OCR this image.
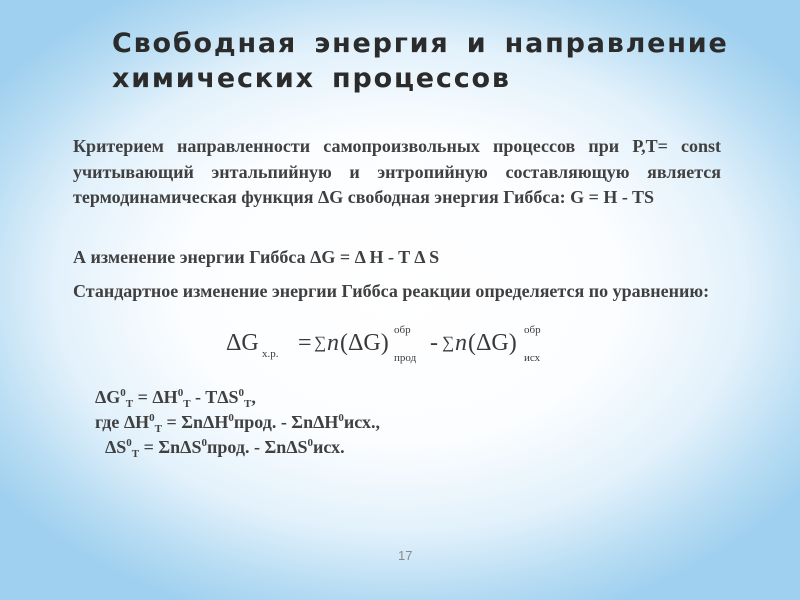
Свободная энергия и направление химических процессов

Критерием направленности самопроизвольных процессов при Р,Т= const учитывающий энтальпийную и энтропийную составляющую является термодинамическая функция ΔG свободная энергия Гиббса: G = H - TS

А изменение энергии Гиббса ΔG = Δ H - T Δ S

Стандартное изменение энергии Гиббса реакции определяется по уравнению:

ΔG х.р. = ∑ n (ΔG) обр
прод
- ∑ n (ΔG) обр
исх
$\Delta G^0_T = \Delta H^0_T - T\Delta S^0_T$,
где $\Delta H^0_T$ = ΣnΔH$^0$прод. - ΣnΔH$^0$исх.,
$\Delta S^0_T$ = ΣnΔS$^0$прод. - ΣnΔS$^0$исх.
17
